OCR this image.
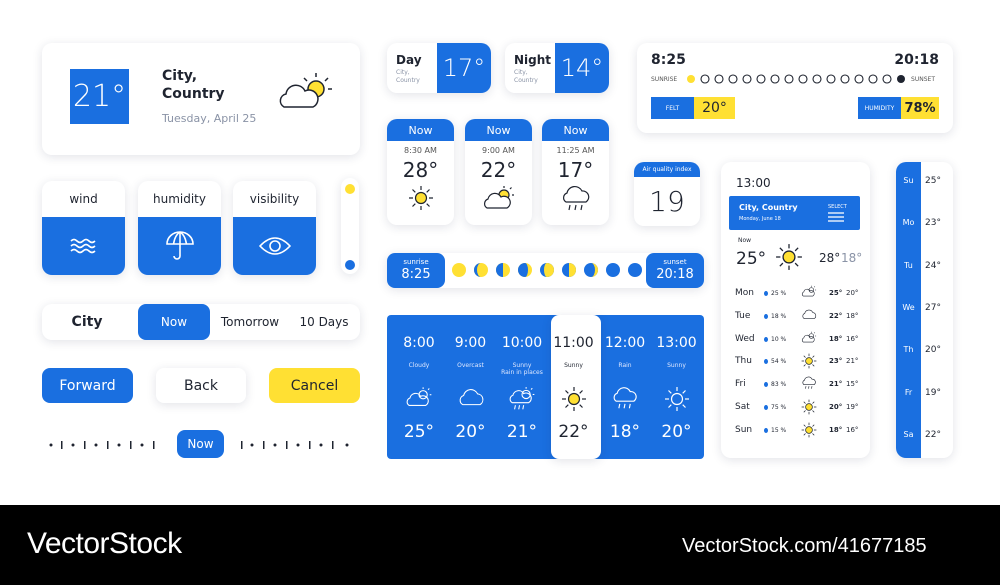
21°
City,
Country
Tuesday, April 25
wind	humidity	visibility
City	Now	Tomorrow	10 Days
Forward	Back	Cancel
Now
Day
City,
Country 17°	Night
City,
Country 14°
Now
8:30 AM
28°
Now
9:00 AM
22°
Now
11:25 AM
17°	Air quality index
19
sunrise
8:25
sunset
20:18
8:25	20:18
SUNRISE	SUNSET
FELT	20°	HUMIDITY 78%
8:00
Cloudy
25°
9:00
Overcast
20°
10:00
Sunny
Rain in places
21°
11:00
Sunny
22°
12:00
Rain
18°
13:00
Sunny
20°
13:00
City, Country
Monday, June 18
SELECT
Now
25°	28° 18°
Mon	25 %	25° 20°
Tue	18 %	22° 18°
Wed	10 %	18° 16°
Thu	54 %	23° 21°
Fri	83 %	21° 15°
Sat	75 %	20° 19°
Sun	15 %	18° 16°
Su	25°
Mo	23°
Tu	24°
We	27°
Th	20°
Fr	19°
Sa	22°
VectorStock	VectorStock.com/41677185
